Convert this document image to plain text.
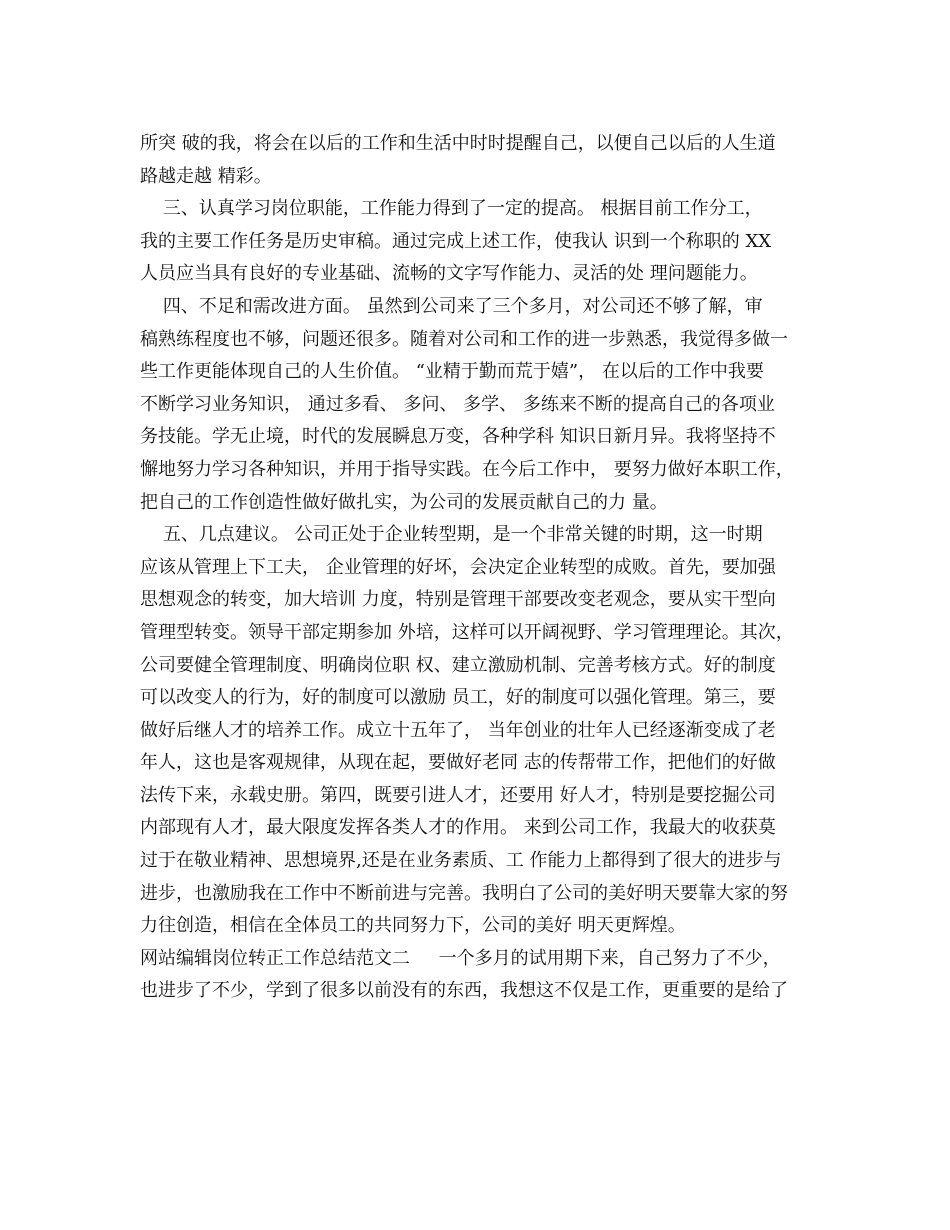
所突 破的我，将会在以后的工作和生活中时时提醒自己，以便自己以后的人生道
路越走越 精彩。
三、认真学习岗位职能，工作能力得到了一定的提高。 根据目前工作分工，
我的主要工作任务是历史审稿。通过完成上述工作，使我认 识到一个称职的 XX
人员应当具有良好的专业基础、流畅的文字写作能力、灵活的处 理问题能力。
四、不足和需改进方面。 虽然到公司来了三个多月，对公司还不够了解，审
稿熟练程度也不够，问题还很多。随着对公司和工作的进一步熟悉，我觉得多做一
些工作更能体现自己的人生价值。 “业精于勤而荒于嬉”， 在以后的工作中我要
不断学习业务知识， 通过多看、 多问、 多学、 多练来不断的提高自己的各项业
务技能。学无止境，时代的发展瞬息万变，各种学科 知识日新月异。我将坚持不
懈地努力学习各种知识，并用于指导实践。在今后工作中， 要努力做好本职工作，
把自己的工作创造性做好做扎实，为公司的发展贡献自己的力 量。
五、几点建议。 公司正处于企业转型期，是一个非常关键的时期，这一时期
应该从管理上下工夫， 企业管理的好坏，会决定企业转型的成败。首先，要加强
思想观念的转变，加大培训 力度，特别是管理干部要改变老观念，要从实干型向
管理型转变。领导干部定期参加 外培，这样可以开阔视野、学习管理理论。其次，
公司要健全管理制度、明确岗位职 权、建立激励机制、完善考核方式。好的制度
可以改变人的行为，好的制度可以激励 员工，好的制度可以强化管理。第三，要
做好后继人才的培养工作。成立十五年了， 当年创业的壮年人已经逐渐变成了老
年人，这也是客观规律，从现在起，要做好老同 志的传帮带工作，把他们的好做
法传下来，永载史册。第四，既要引进人才，还要用 好人才，特别是要挖掘公司
内部现有人才，最大限度发挥各类人才的作用。 来到公司工作，我最大的收获莫
过于在敬业精神、思想境界,还是在业务素质、工 作能力上都得到了很大的进步与
进步，也激励我在工作中不断前进与完善。我明白了公司的美好明天要靠大家的努
力往创造，相信在全体员工的共同努力下，公司的美好 明天更辉煌。
网站编辑岗位转正工作总结范文二     一个多月的试用期下来，自己努力了不少，
也进步了不少，学到了很多以前没有的东西，我想这不仅是工作，更重要的是给了
